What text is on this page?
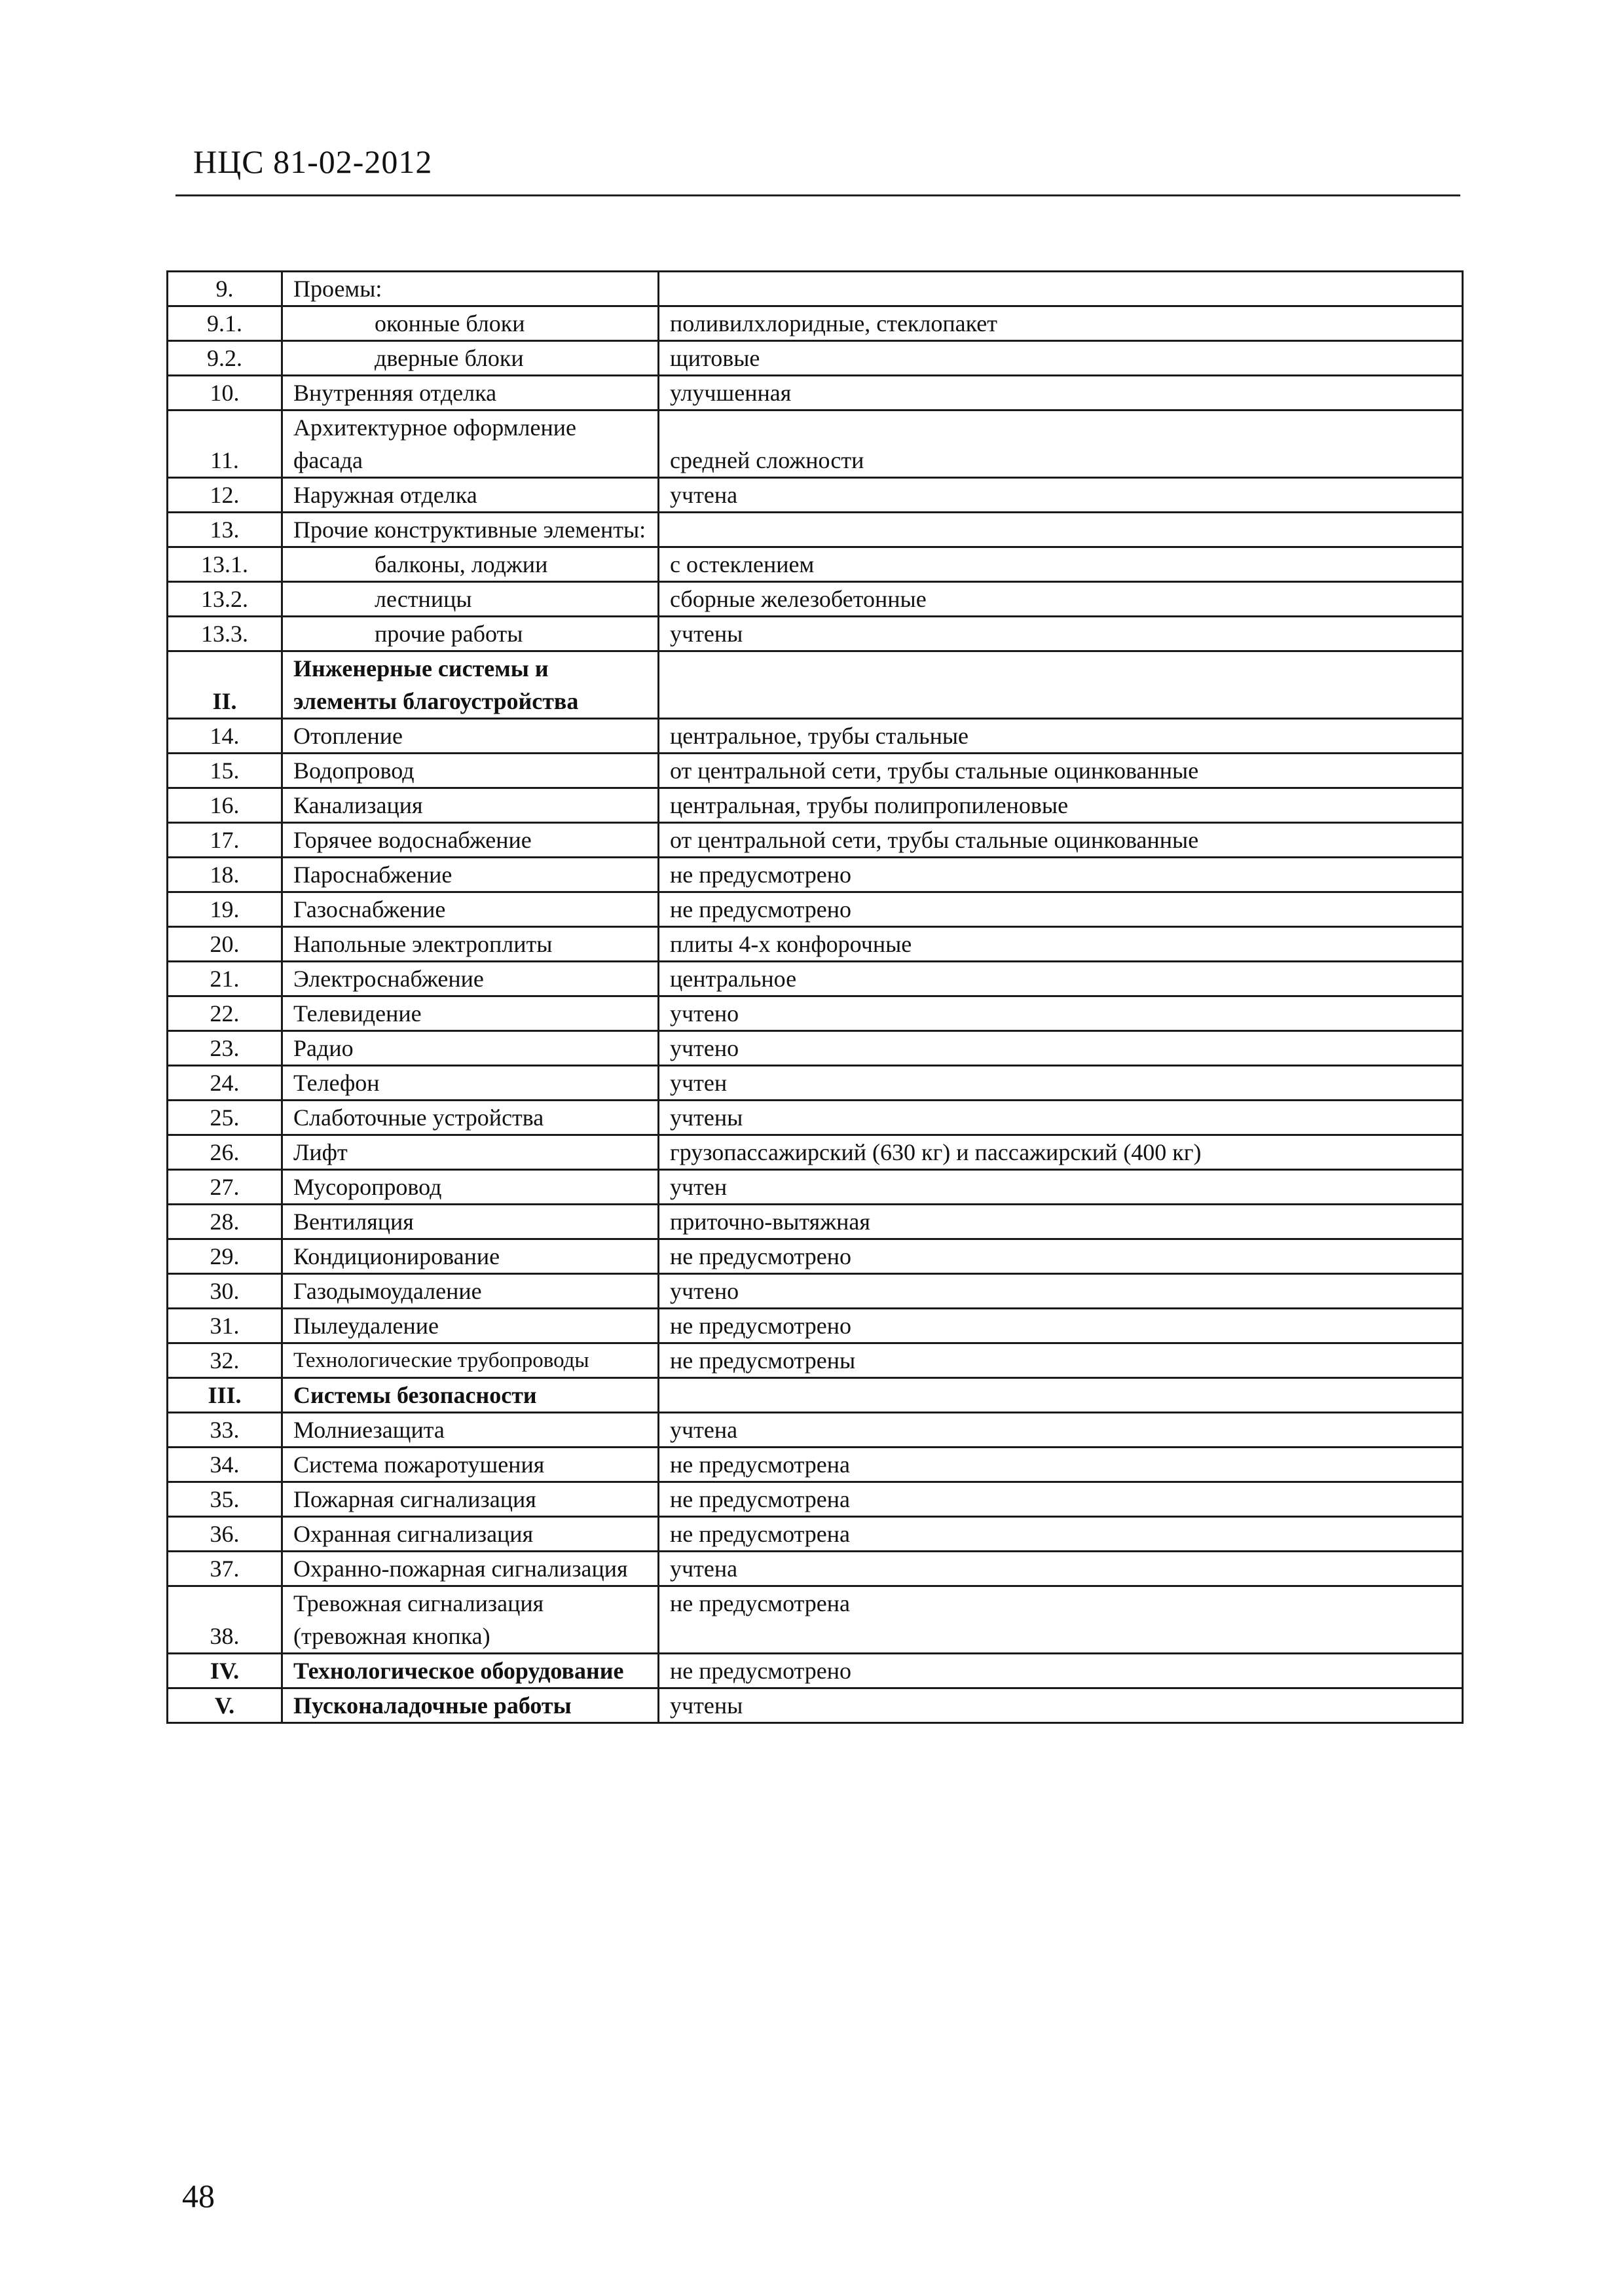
НЦС 81-02-2012
9.	Проемы:	
9.1.	оконные блоки	поливилхлоридные, стеклопакет
9.2.	дверные блоки	щитовые
10.	Внутренняя отделка	улучшенная
11.	Архитектурное оформление фасада	средней сложности
12.	Наружная отделка	учтена
13.	Прочие конструктивные элементы:	
13.1.	балконы, лоджии	с остеклением
13.2.	лестницы	сборные железобетонные
13.3.	прочие работы	учтены
II.	Инженерные системы и элементы благоустройства	
14.	Отопление	центральное, трубы стальные
15.	Водопровод	от центральной сети, трубы стальные оцинкованные
16.	Канализация	центральная, трубы полипропиленовые
17.	Горячее водоснабжение	от центральной сети, трубы стальные оцинкованные
18.	Пароснабжение	не предусмотрено
19.	Газоснабжение	не предусмотрено
20.	Напольные электроплиты	плиты 4-х конфорочные
21.	Электроснабжение	центральное
22.	Телевидение	учтено
23.	Радио	учтено
24.	Телефон	учтен
25.	Слаботочные устройства	учтены
26.	Лифт	грузопассажирский (630 кг) и пассажирский (400 кг)
27.	Мусоропровод	учтен
28.	Вентиляция	приточно-вытяжная
29.	Кондиционирование	не предусмотрено
30.	Газодымоудаление	учтено
31.	Пылеудаление	не предусмотрено
32.	Технологические трубопроводы	не предусмотрены
III.	Системы безопасности	
33.	Молниезащита	учтена
34.	Система пожаротушения	не предусмотрена
35.	Пожарная сигнализация	не предусмотрена
36.	Охранная сигнализация	не предусмотрена
37.	Охранно-пожарная сигнализация	учтена
38.	Тревожная сигнализация (тревожная кнопка)	не предусмотрена
IV.	Технологическое оборудование	не предусмотрено
V.	Пусконаладочные работы	учтены
48
